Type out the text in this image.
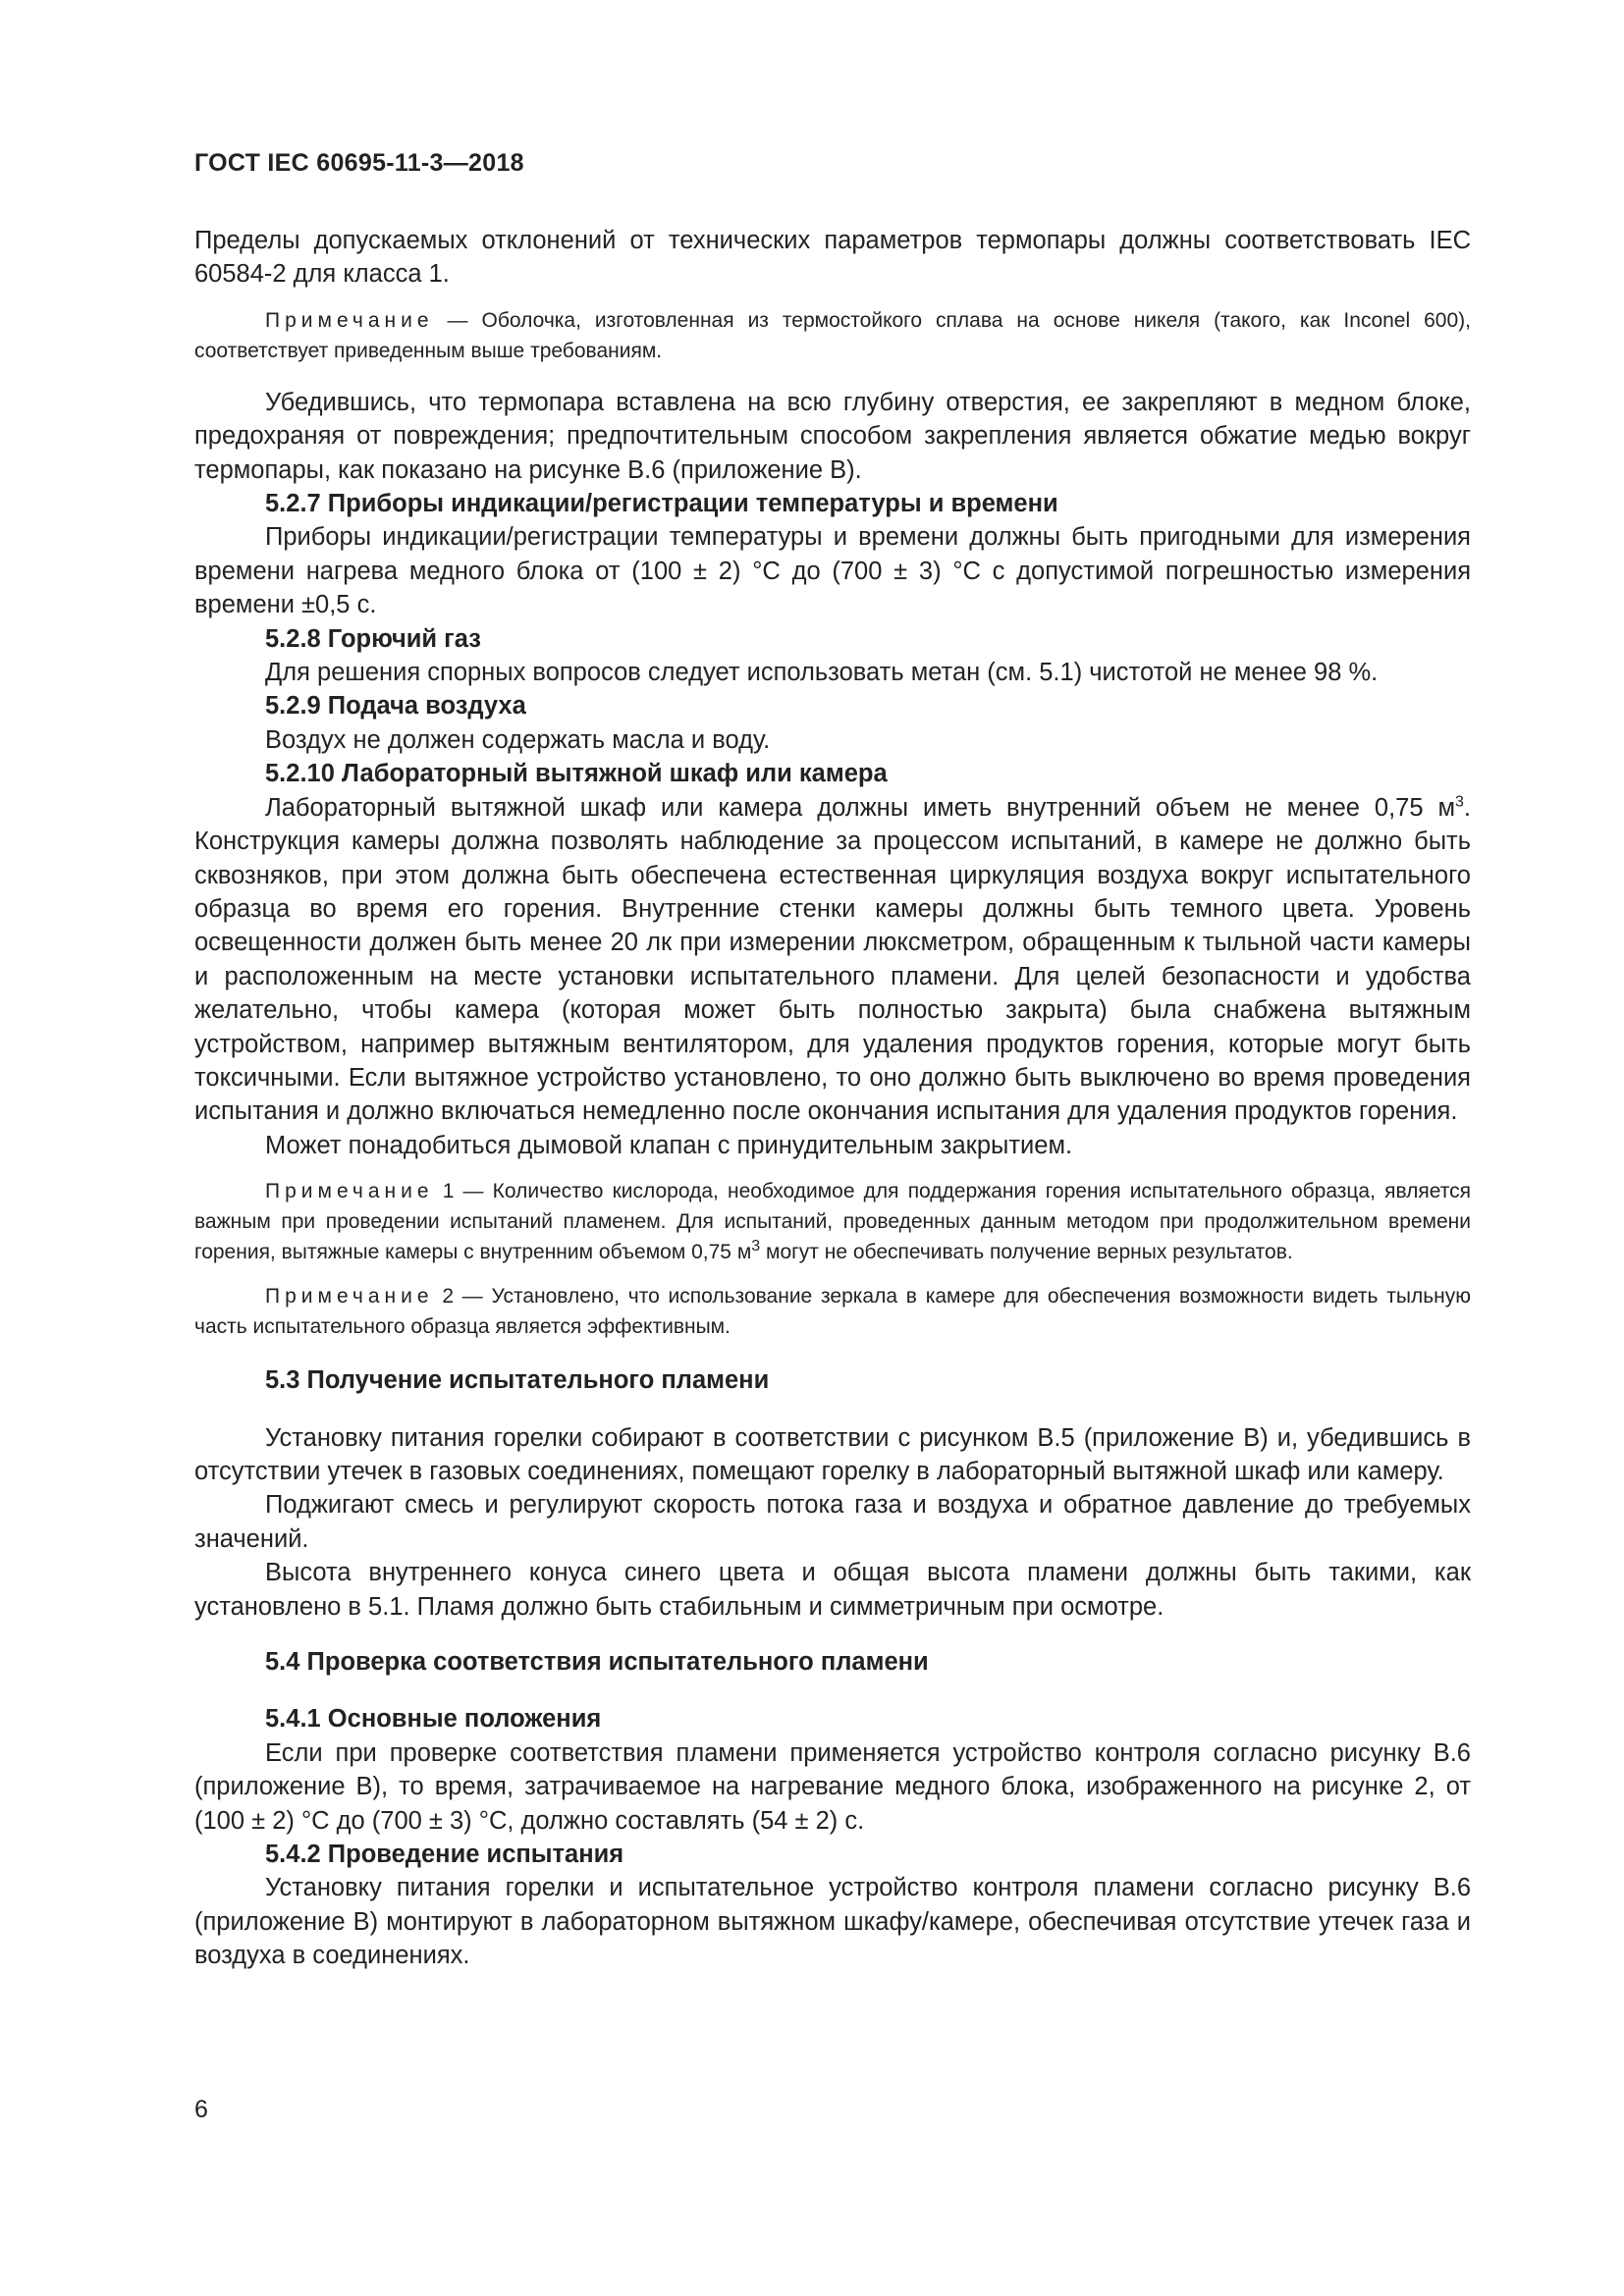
ГОСТ IEC 60695-11-3—2018

Пределы допускаемых отклонений от технических параметров термопары должны соответствовать IEC 60584-2 для класса 1.

Примечание — Оболочка, изготовленная из термостойкого сплава на основе никеля (такого, как Inconel 600), соответствует приведенным выше требованиям.

Убедившись, что термопара вставлена на всю глубину отверстия, ее закрепляют в медном блоке, предохраняя от повреждения; предпочтительным способом закрепления является обжатие медью вокруг термопары, как показано на рисунке В.6 (приложение В).

5.2.7 Приборы индикации/регистрации температуры и времени

Приборы индикации/регистрации температуры и времени должны быть пригодными для измерения времени нагрева медного блока от (100 ± 2) °С до (700 ± 3) °С с допустимой погрешностью измерения времени ±0,5 с.

5.2.8 Горючий газ

Для решения спорных вопросов следует использовать метан (см. 5.1) чистотой не менее 98 %.

5.2.9 Подача воздуха

Воздух не должен содержать масла и воду.

5.2.10 Лабораторный вытяжной шкаф или камера

Лабораторный вытяжной шкаф или камера должны иметь внутренний объем не менее 0,75 $м^3$. Конструкция камеры должна позволять наблюдение за процессом испытаний, в камере не должно быть сквозняков, при этом должна быть обеспечена естественная циркуляция воздуха вокруг испытательного образца во время его горения. Внутренние стенки камеры должны быть темного цвета. Уровень освещенности должен быть менее 20 лк при измерении люксметром, обращенным к тыльной части камеры и расположенным на месте установки испытательного пламени. Для целей безопасности и удобства желательно, чтобы камера (которая может быть полностью закрыта) была снабжена вытяжным устройством, например вытяжным вентилятором, для удаления продуктов горения, которые могут быть токсичными. Если вытяжное устройство установлено, то оно должно быть выключено во время проведения испытания и должно включаться немедленно после окончания испытания для удаления продуктов горения.

Может понадобиться дымовой клапан с принудительным закрытием.

Примечание 1 — Количество кислорода, необходимое для поддержания горения испытательного образца, является важным при проведении испытаний пламенем. Для испытаний, проведенных данным методом при продолжительном времени горения, вытяжные камеры с внутренним объемом 0,75 $м^3$ могут не обеспечивать получение верных результатов.

Примечание 2 — Установлено, что использование зеркала в камере для обеспечения возможности видеть тыльную часть испытательного образца является эффективным.

5.3 Получение испытательного пламени

Установку питания горелки собирают в соответствии с рисунком В.5 (приложение В) и, убедившись в отсутствии утечек в газовых соединениях, помещают горелку в лабораторный вытяжной шкаф или камеру.

Поджигают смесь и регулируют скорость потока газа и воздуха и обратное давление до требуемых значений.

Высота внутреннего конуса синего цвета и общая высота пламени должны быть такими, как установлено в 5.1. Пламя должно быть стабильным и симметричным при осмотре.

5.4 Проверка соответствия испытательного пламени

5.4.1 Основные положения

Если при проверке соответствия пламени применяется устройство контроля согласно рисунку В.6 (приложение В), то время, затрачиваемое на нагревание медного блока, изображенного на рисунке 2, от (100 ± 2) °С до (700 ± 3) °С, должно составлять (54 ± 2) с.

5.4.2 Проведение испытания

Установку питания горелки и испытательное устройство контроля пламени согласно рисунку В.6 (приложение В) монтируют в лабораторном вытяжном шкафу/камере, обеспечивая отсутствие утечек газа и воздуха в соединениях.

6
